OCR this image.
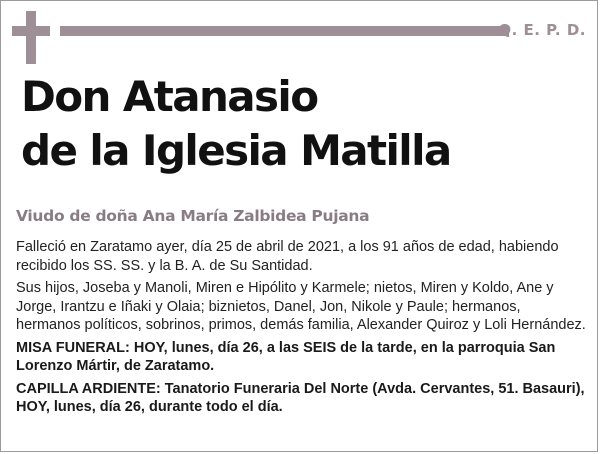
Q. E. P. D.
Don Atanasio
de la Iglesia Matilla
Viudo de doña Ana María Zalbidea Pujana

Falleció en Zaratamo ayer, día 25 de abril de 2021, a los 91 años de edad, habiendo recibido los SS. SS. y la B. A. de Su Santidad.

Sus hijos, Joseba y Manoli, Miren e Hipólito y Karmele; nietos, Miren y Koldo, Ane y Jorge, Irantzu e Iñaki y Olaia; biznietos, Danel, Jon, Nikole y Paule; hermanos, hermanos políticos, sobrinos, primos, demás familia, Alexander Quiroz y Loli Hernández.

MISA FUNERAL: HOY, lunes, día 26, a las SEIS de la tarde, en la parroquia San Lorenzo Mártir, de Zaratamo.

CAPILLA ARDIENTE: Tanatorio Funeraria Del Norte (Avda. Cervantes, 51. Basauri), HOY, lunes, día 26, durante todo el día.
